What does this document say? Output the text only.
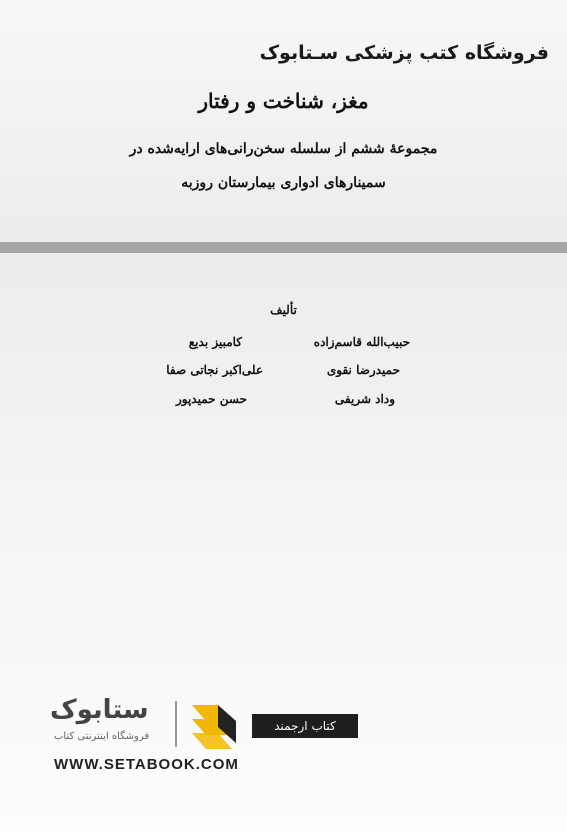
فروشگاه کتب پزشکی سـتابوک
مغز، شناخت و رفتار
مجموعهٔ ششم از سلسله سخن‌رانی‌های ارایه‌شده در
سمینارهای ادواری بیمارستان روزبه
تألیف
حبیب‌الله قاسم‌زاده
کامبیز بدیع
حمیدرضا نقوی
علی‌اکبر نجاتی صفا
وداد شریفی
حسن حمیدپور
ستابوک
فروشگاه اینترنتی کتاب
کتاب ارجمند
WWW.SETABOOK.COM
